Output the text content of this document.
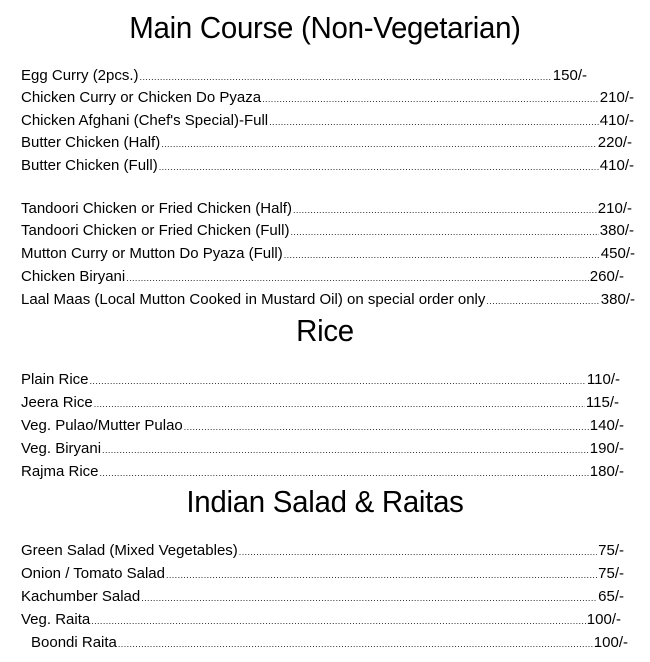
Main Course (Non-Vegetarian)
Egg Curry (2pcs.) .....	150/-
Chicken Curry or Chicken Do Pyaza .....	210/-
Chicken Afghani (Chef's Special)-Full .....	410/-
Butter Chicken (Half) .....	220/-
Butter Chicken (Full) .....	410/-
Tandoori Chicken or Fried Chicken (Half) .....	210/-
Tandoori Chicken or Fried Chicken (Full) .....	380/-
Mutton Curry or Mutton Do Pyaza (Full) .....	450/-
Chicken Biryani .....	260/-
Laal Maas (Local Mutton Cooked in Mustard Oil) on special order only .....	380/-
Rice
Plain Rice .....	110/-
Jeera Rice .....	115/-
Veg. Pulao/Mutter Pulao .....	140/-
Veg. Biryani .....	190/-
Rajma Rice .....	180/-
Indian Salad & Raitas
Green Salad (Mixed Vegetables) .....	75/-
Onion / Tomato Salad .....	75/-
Kachumber Salad .....	65/-
Veg. Raita .....	100/-
Boondi Raita .....	100/-
